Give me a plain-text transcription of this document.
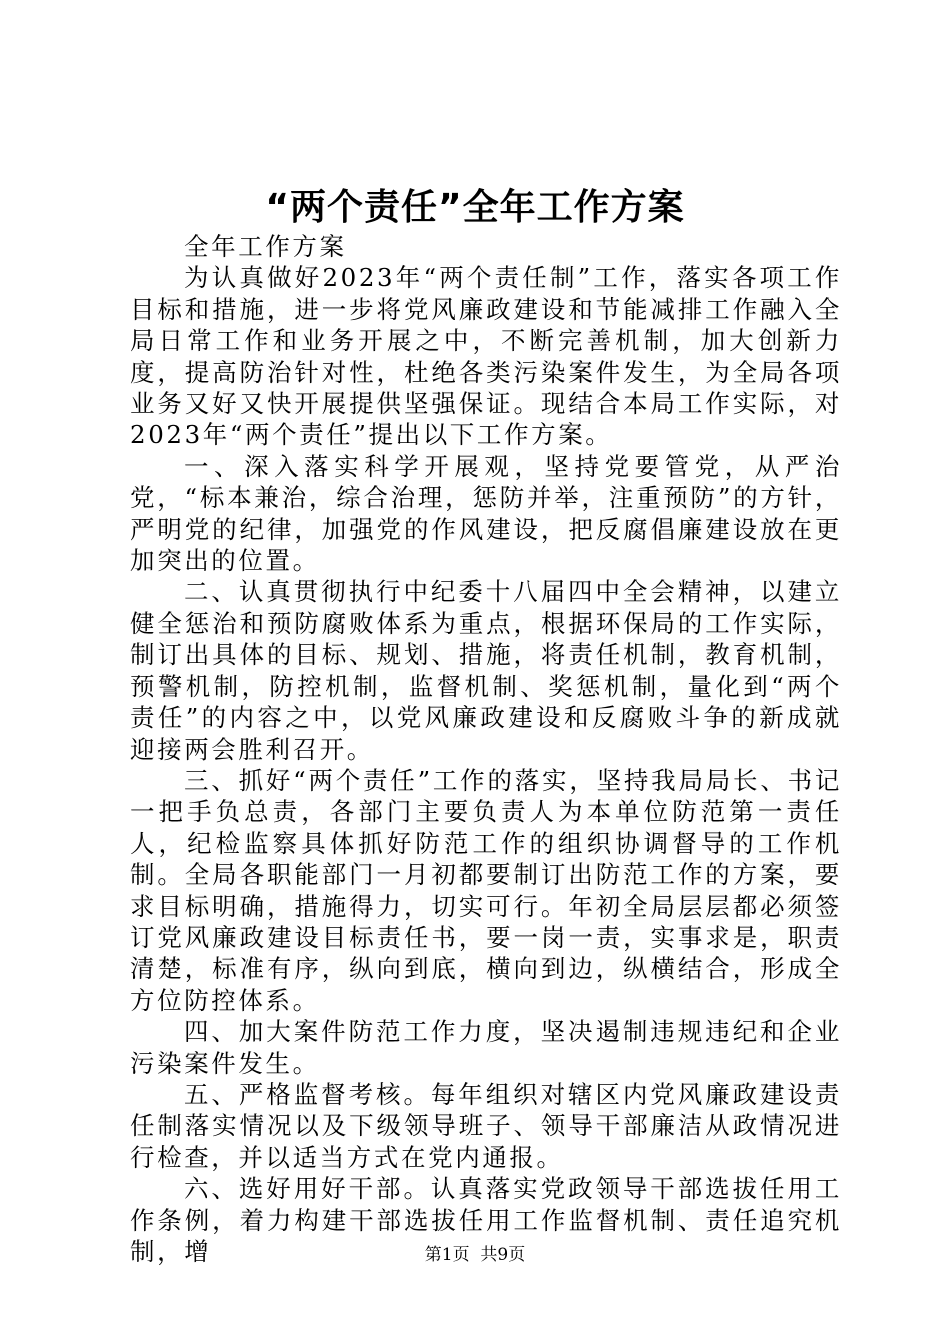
“两个责任”全年工作方案

全年工作方案

为认真做好2023年“两个责任制”工作，落实各项工作目标和措施，进一步将党风廉政建设和节能减排工作融入全局日常工作和业务开展之中，不断完善机制，加大创新力度，提高防治针对性，杜绝各类污染案件发生，为全局各项业务又好又快开展提供坚强保证。现结合本局工作实际，对2023年“两个责任”提出以下工作方案。

一、深入落实科学开展观，坚持党要管党，从严治党，“标本兼治，综合治理，惩防并举，注重预防”的方针，严明党的纪律，加强党的作风建设，把反腐倡廉建设放在更加突出的位置。

二、认真贯彻执行中纪委十八届四中全会精神，以建立健全惩治和预防腐败体系为重点，根据环保局的工作实际，制订出具体的目标、规划、措施，将责任机制，教育机制，预警机制，防控机制，监督机制、奖惩机制，量化到“两个责任”的内容之中，以党风廉政建设和反腐败斗争的新成就迎接两会胜利召开。

三、抓好“两个责任”工作的落实，坚持我局局长、书记一把手负总责，各部门主要负责人为本单位防范第一责任人，纪检监察具体抓好防范工作的组织协调督导的工作机制。全局各职能部门一月初都要制订出防范工作的方案，要求目标明确，措施得力，切实可行。年初全局层层都必须签订党风廉政建设目标责任书，要一岗一责，实事求是，职责清楚，标准有序，纵向到底，横向到边，纵横结合，形成全方位防控体系。

四、加大案件防范工作力度，坚决遏制违规违纪和企业污染案件发生。

五、严格监督考核。每年组织对辖区内党风廉政建设责任制落实情况以及下级领导班子、领导干部廉洁从政情况进行检查，并以适当方式在党内通报。

六、选好用好干部。认真落实党政领导干部选拔任用工作条例，着力构建干部选拔任用工作监督机制、责任追究机制，增	第1页 共9页
